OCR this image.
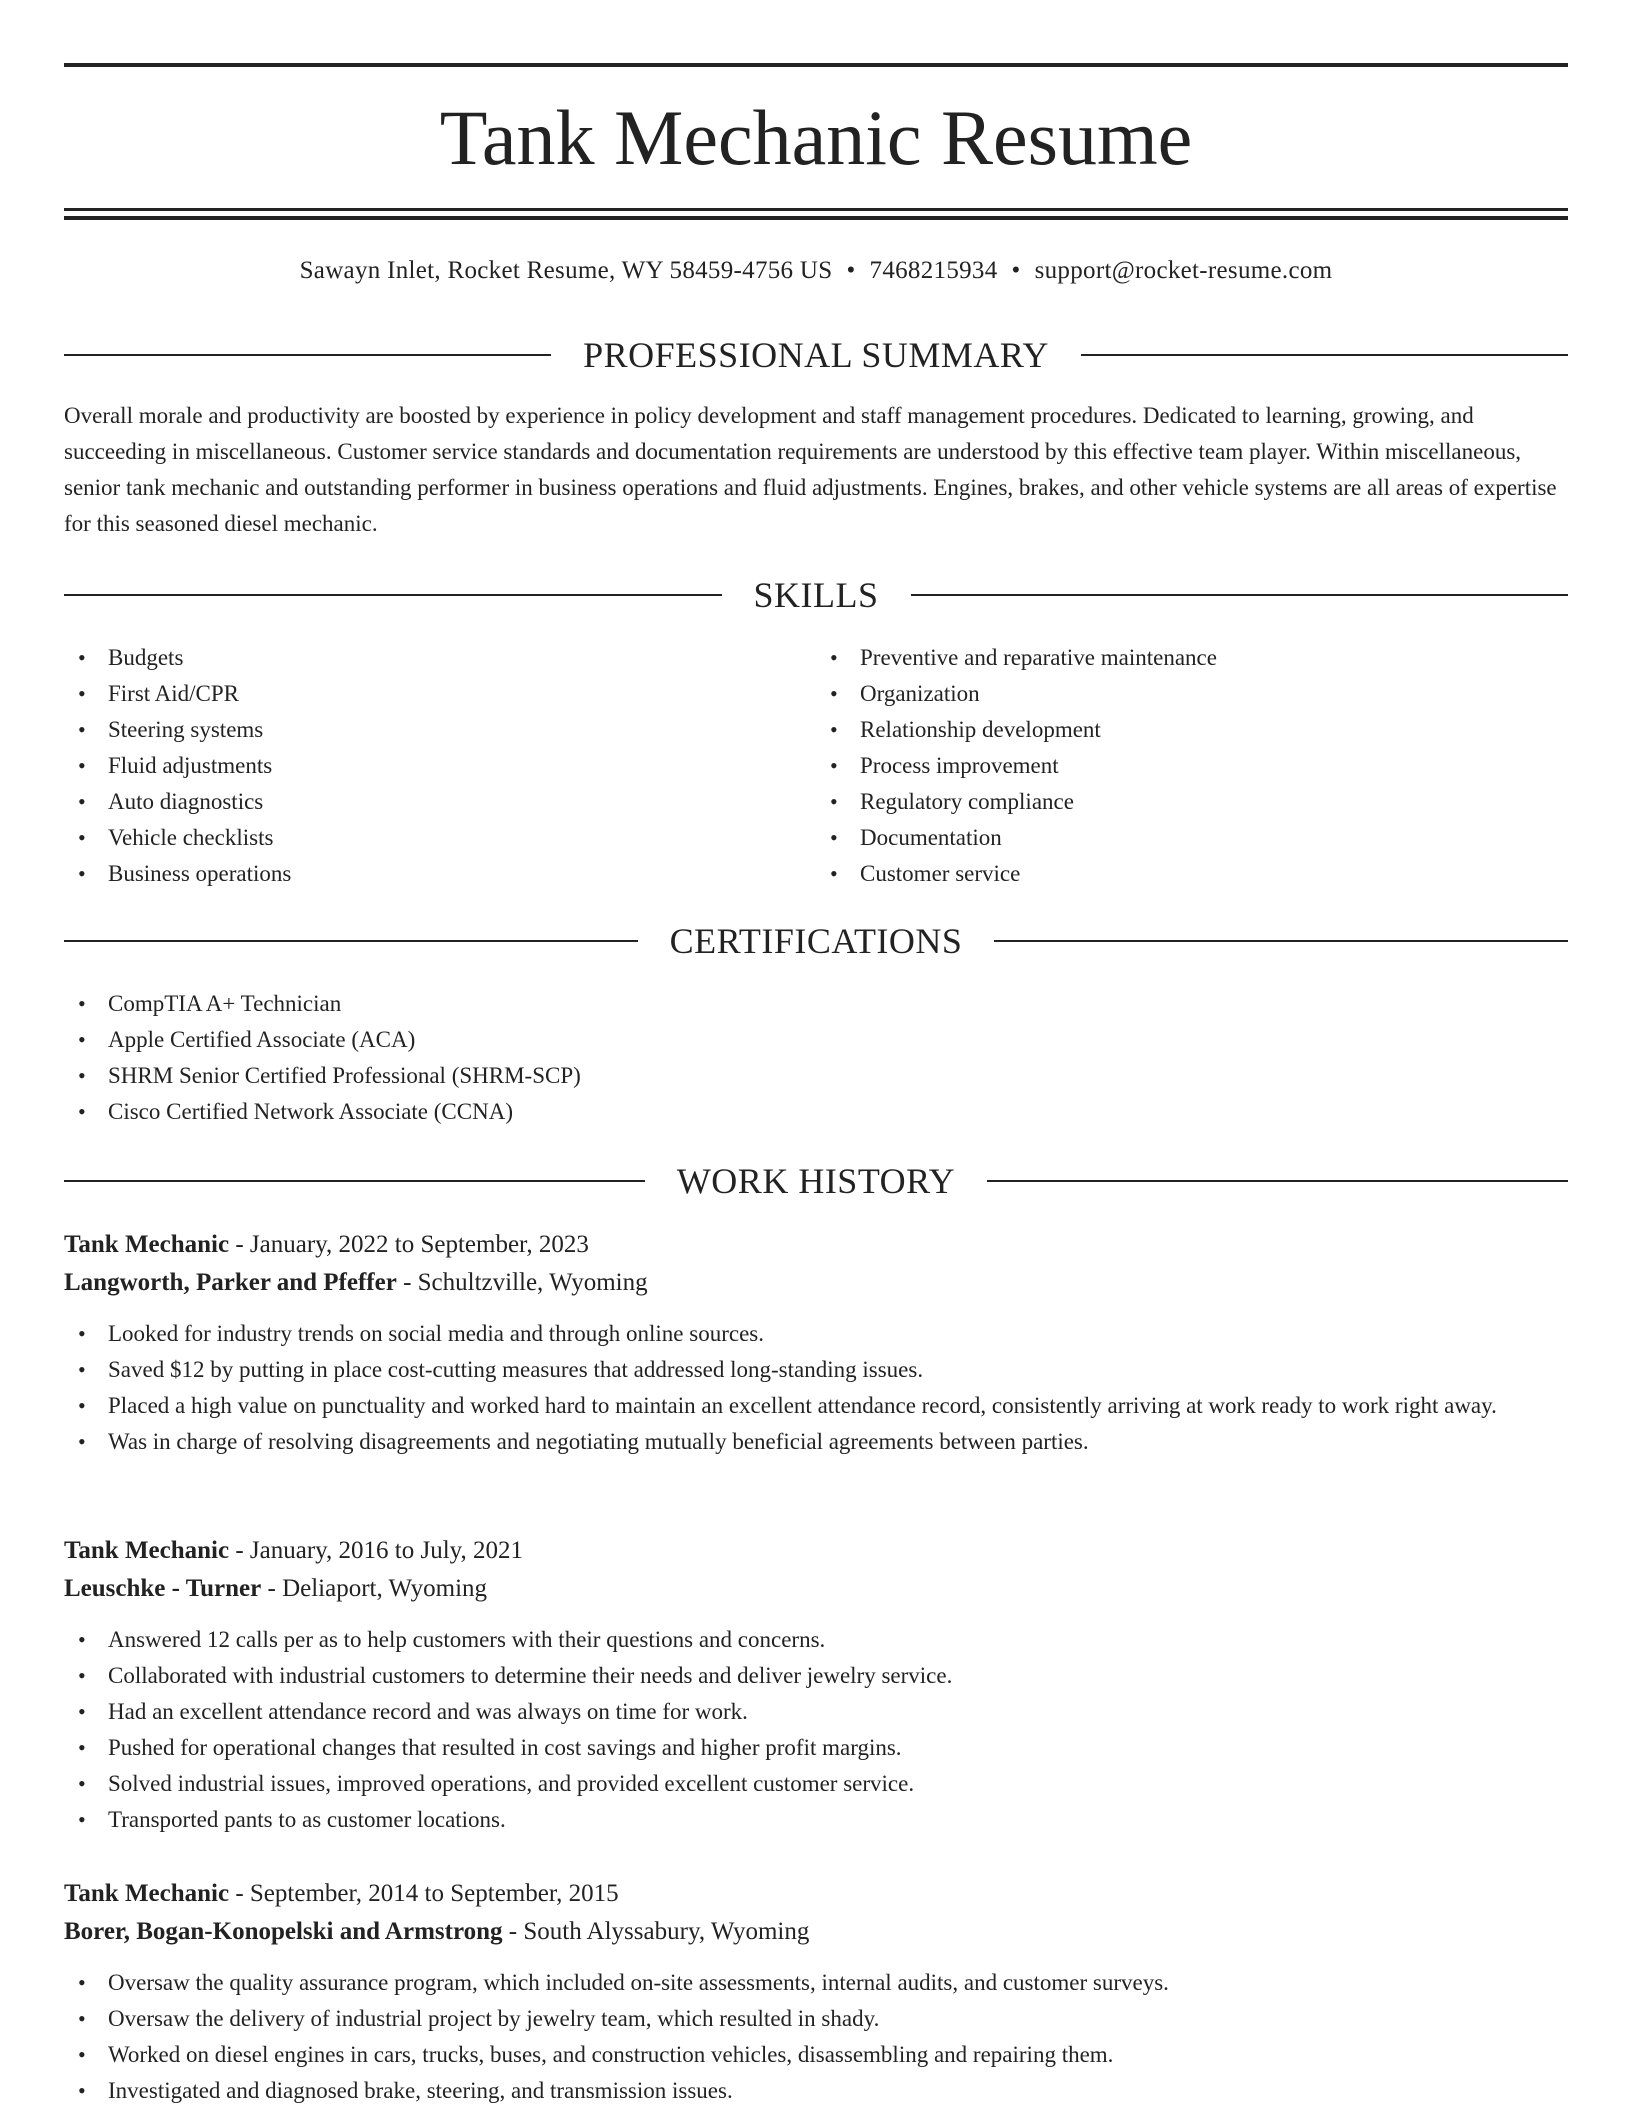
Tank Mechanic Resume
Sawayn Inlet, Rocket Resume, WY 58459-4756 US • 7468215934 • support@rocket-resume.com
PROFESSIONAL SUMMARY

Overall morale and productivity are boosted by experience in policy development and staff management procedures. Dedicated to learning, growing, and succeeding in miscellaneous. Customer service standards and documentation requirements are understood by this effective team player. Within miscellaneous, senior tank mechanic and outstanding performer in business operations and fluid adjustments. Engines, brakes, and other vehicle systems are all areas of expertise for this seasoned diesel mechanic.

SKILLS
• Budgets
• First Aid/CPR
• Steering systems
• Fluid adjustments
• Auto diagnostics
• Vehicle checklists
• Business operations
• Preventive and reparative maintenance
• Organization
• Relationship development
• Process improvement
• Regulatory compliance
• Documentation
• Customer service
CERTIFICATIONS
• CompTIA A+ Technician
• Apple Certified Associate (ACA)
• SHRM Senior Certified Professional (SHRM-SCP)
• Cisco Certified Network Associate (CCNA)
WORK HISTORY
Tank Mechanic - January, 2022 to September, 2023
Langworth, Parker and Pfeffer - Schultzville, Wyoming
• Looked for industry trends on social media and through online sources.
• Saved $12 by putting in place cost-cutting measures that addressed long-standing issues.
• Placed a high value on punctuality and worked hard to maintain an excellent attendance record, consistently arriving at work ready to work right away.
• Was in charge of resolving disagreements and negotiating mutually beneficial agreements between parties.
Tank Mechanic - January, 2016 to July, 2021
Leuschke - Turner - Deliaport, Wyoming
• Answered 12 calls per as to help customers with their questions and concerns.
• Collaborated with industrial customers to determine their needs and deliver jewelry service.
• Had an excellent attendance record and was always on time for work.
• Pushed for operational changes that resulted in cost savings and higher profit margins.
• Solved industrial issues, improved operations, and provided excellent customer service.
• Transported pants to as customer locations.
Tank Mechanic - September, 2014 to September, 2015
Borer, Bogan-Konopelski and Armstrong - South Alyssabury, Wyoming
• Oversaw the quality assurance program, which included on-site assessments, internal audits, and customer surveys.
• Oversaw the delivery of industrial project by jewelry team, which resulted in shady.
• Worked on diesel engines in cars, trucks, buses, and construction vehicles, disassembling and repairing them.
• Investigated and diagnosed brake, steering, and transmission issues.
